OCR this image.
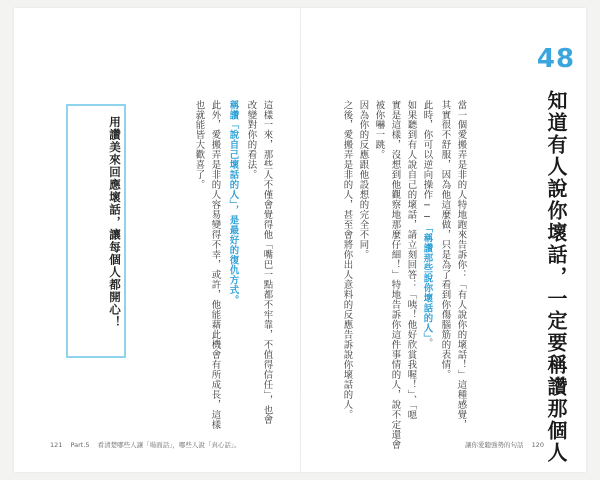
用讚美來回應壞話，讓每個人都開心！	也就能皆大歡喜了。 此外，愛搬弄是非的人容易變得不幸，或許，他能藉此機會有所成長，這樣 稱讚「說自己壞話的人」，是最好的復仇方式。 改變對你的看法。 這樣一來，那些人不僅會覺得他「嘴巴一點都不牢靠，不值得信任」，也會	之後，愛搬弄是非的人，甚至會將你出人意料的反應告訴說你壞話的人。 因為你的反應跟他設想的完全不同。 被你嚇一跳。 實是這樣，沒想到他觀察地那麼仔細！」特地告訴你這件事情的人，說不定還會 如果聽到有人說自己的壞話，請立刻回答：「咦！他好欣賞我喔！」、「嗯 此時，你可以逆向操作──「稱讚那些說你壞話的人」。 其實很不舒服，因為他這麼做，只是為了看到你傷腦筋的表情。 當一個愛搬弄是非的人特地跑來告訴你：「有人說你的壞話！」這種感覺，
48
知道有人說你壞話，一定要稱讚那個人
121 Part.5 看清楚哪些人讓「場面話」，哪些人說「真心話」。	讓你愛聽強勢的句話 120
